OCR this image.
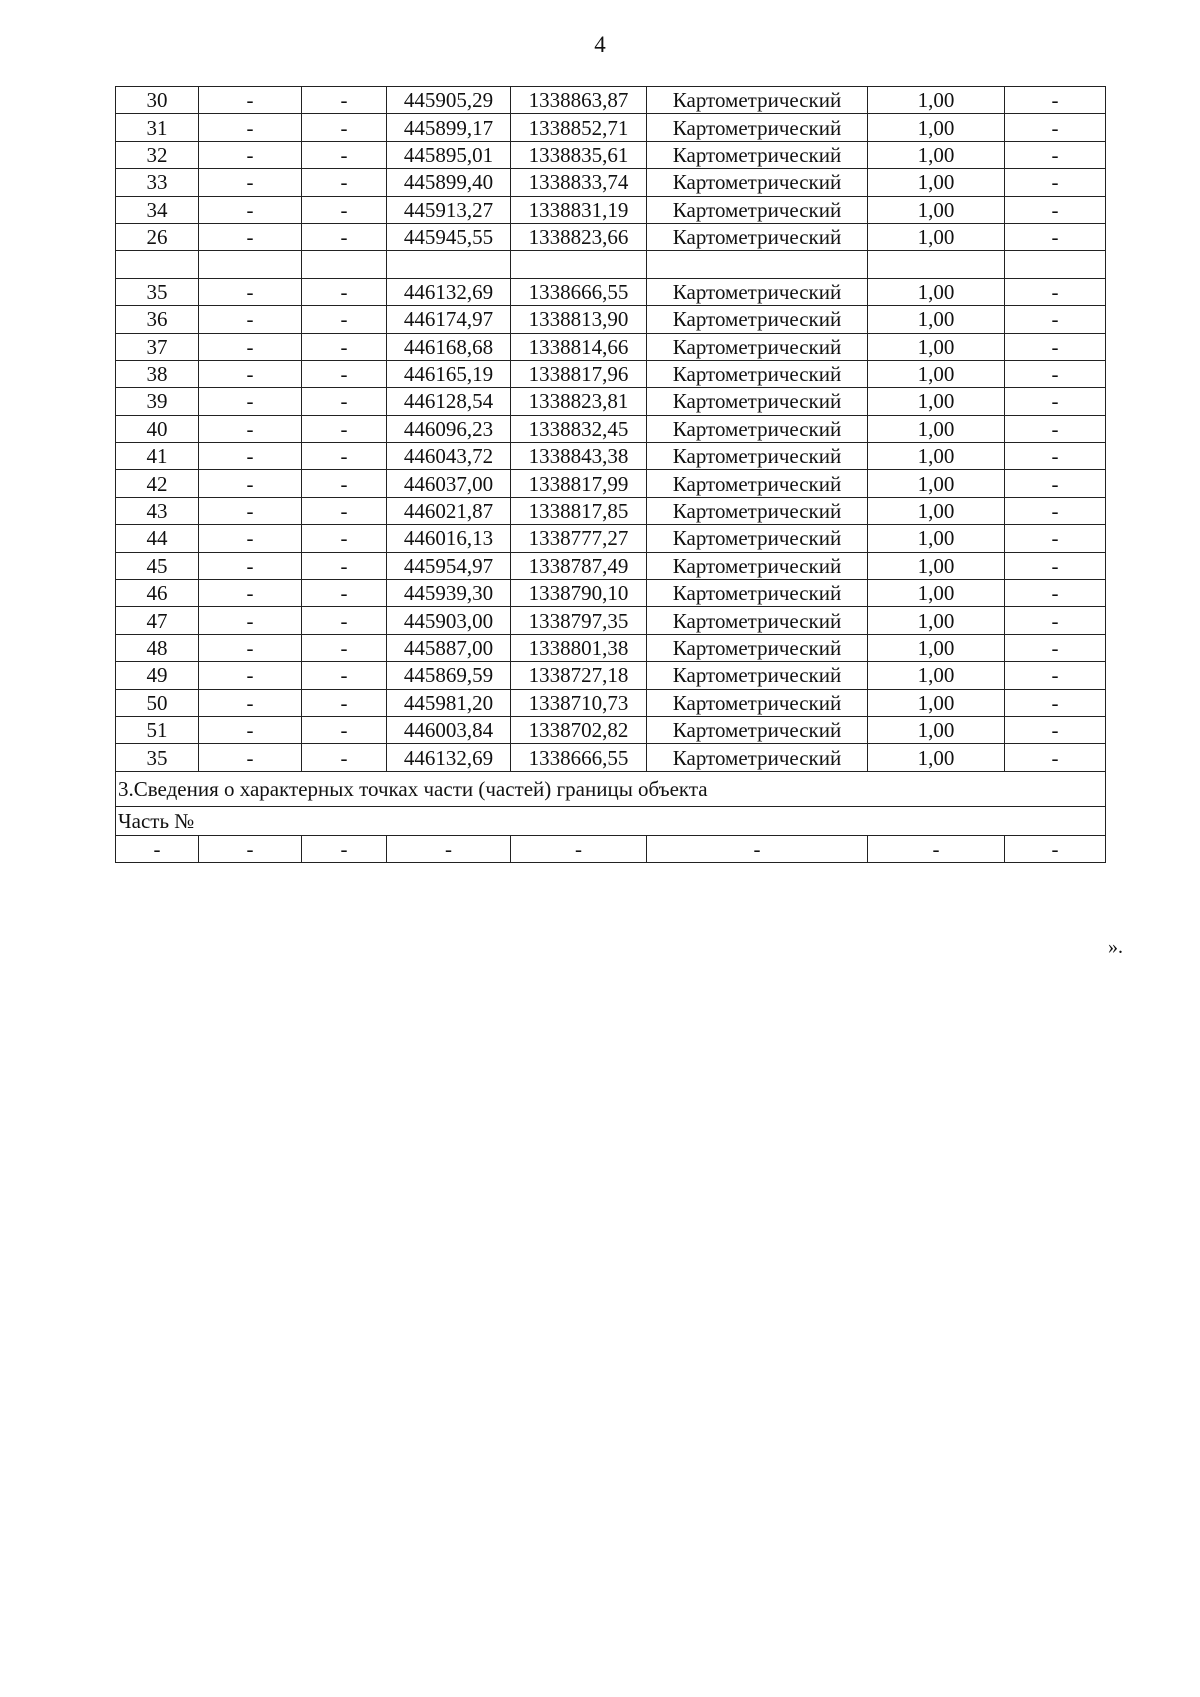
4
30	-	-	445905,29	1338863,87	Картометрический	1,00	-
31	-	-	445899,17	1338852,71	Картометрический	1,00	-
32	-	-	445895,01	1338835,61	Картометрический	1,00	-
33	-	-	445899,40	1338833,74	Картометрический	1,00	-
34	-	-	445913,27	1338831,19	Картометрический	1,00	-
26	-	-	445945,55	1338823,66	Картометрический	1,00	-

35	-	-	446132,69	1338666,55	Картометрический	1,00	-
36	-	-	446174,97	1338813,90	Картометрический	1,00	-
37	-	-	446168,68	1338814,66	Картометрический	1,00	-
38	-	-	446165,19	1338817,96	Картометрический	1,00	-
39	-	-	446128,54	1338823,81	Картометрический	1,00	-
40	-	-	446096,23	1338832,45	Картометрический	1,00	-
41	-	-	446043,72	1338843,38	Картометрический	1,00	-
42	-	-	446037,00	1338817,99	Картометрический	1,00	-
43	-	-	446021,87	1338817,85	Картометрический	1,00	-
44	-	-	446016,13	1338777,27	Картометрический	1,00	-
45	-	-	445954,97	1338787,49	Картометрический	1,00	-
46	-	-	445939,30	1338790,10	Картометрический	1,00	-
47	-	-	445903,00	1338797,35	Картометрический	1,00	-
48	-	-	445887,00	1338801,38	Картометрический	1,00	-
49	-	-	445869,59	1338727,18	Картометрический	1,00	-
50	-	-	445981,20	1338710,73	Картометрический	1,00	-
51	-	-	446003,84	1338702,82	Картометрический	1,00	-
35	-	-	446132,69	1338666,55	Картометрический	1,00	-
3.Сведения о характерных точках части (частей) границы объекта							
Часть №							
-	-	-	-	-	-	-	-
».
